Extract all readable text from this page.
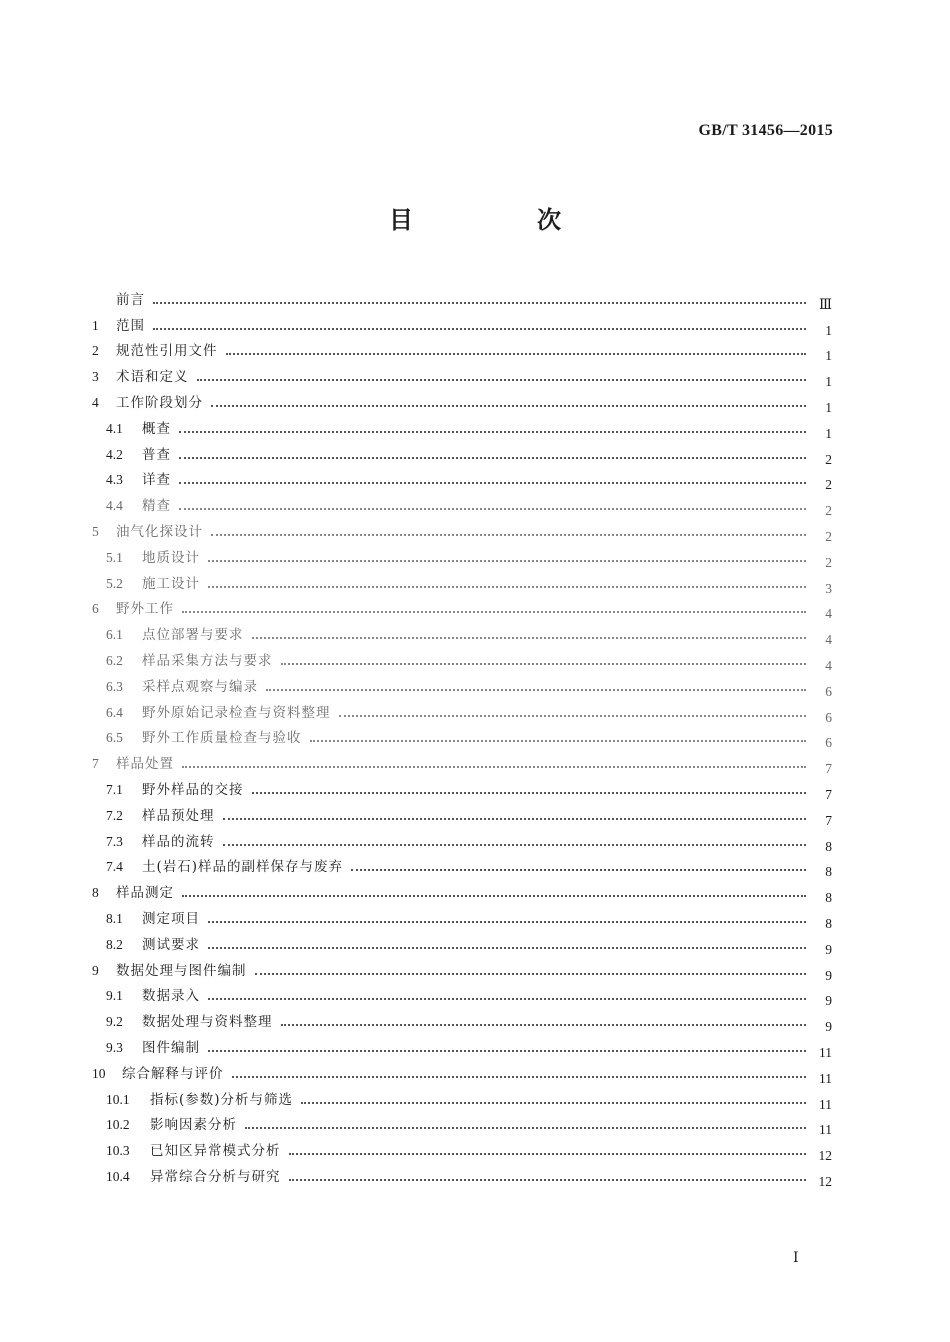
GB/T 31456—2015
目　次
前言	Ⅲ
1	范围	1
2	规范性引用文件	1
3	术语和定义	1
4	工作阶段划分	1
4.1	概查	1
4.2	普查	2
4.3	详查	2
4.4	精查	2
5	油气化探设计	2
5.1	地质设计	2
5.2	施工设计	3
6	野外工作	4
6.1	点位部署与要求	4
6.2	样品采集方法与要求	4
6.3	采样点观察与编录	6
6.4	野外原始记录检查与资料整理	6
6.5	野外工作质量检查与验收	6
7	样品处置	7
7.1	野外样品的交接	7
7.2	样品预处理	7
7.3	样品的流转	8
7.4	土(岩石)样品的副样保存与废弃	8
8	样品测定	8
8.1	测定项目	8
8.2	测试要求	9
9	数据处理与图件编制	9
9.1	数据录入	9
9.2	数据处理与资料整理	9
9.3	图件编制	11
10	综合解释与评价	11
10.1	指标(参数)分析与筛选	11
10.2	影响因素分析	11
10.3	已知区异常模式分析	12
10.4	异常综合分析与研究	12
Ⅰ
